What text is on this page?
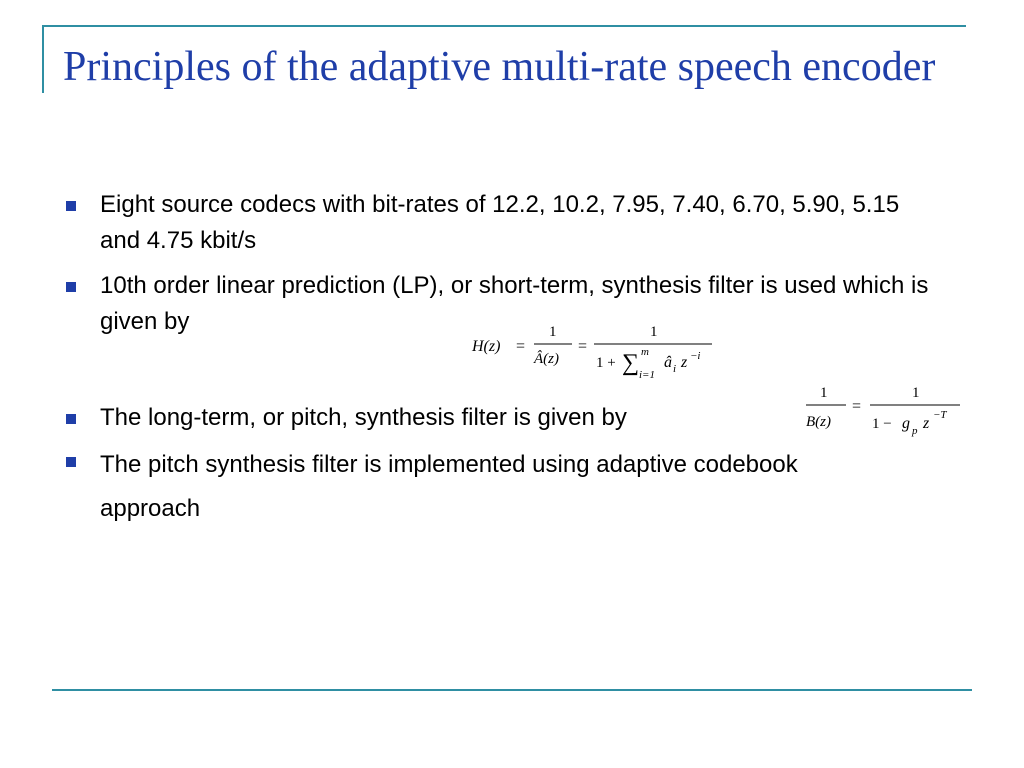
Principles of the adaptive multi-rate speech encoder
Eight source codecs with bit-rates of 12.2, 10.2, 7.95, 7.40, 6.70, 5.90, 5.15 and 4.75 kbit/s
10th order linear prediction (LP), or short-term, synthesis filter is used which is given by
The long-term, or pitch, synthesis filter is given by
The pitch synthesis filter is implemented using adaptive codebook approach
H(z) =
1
Â(z)
=
1
1 + ∑ m
i=1
â i z −i
1
B(z)
=
1
1 − g p z −T
